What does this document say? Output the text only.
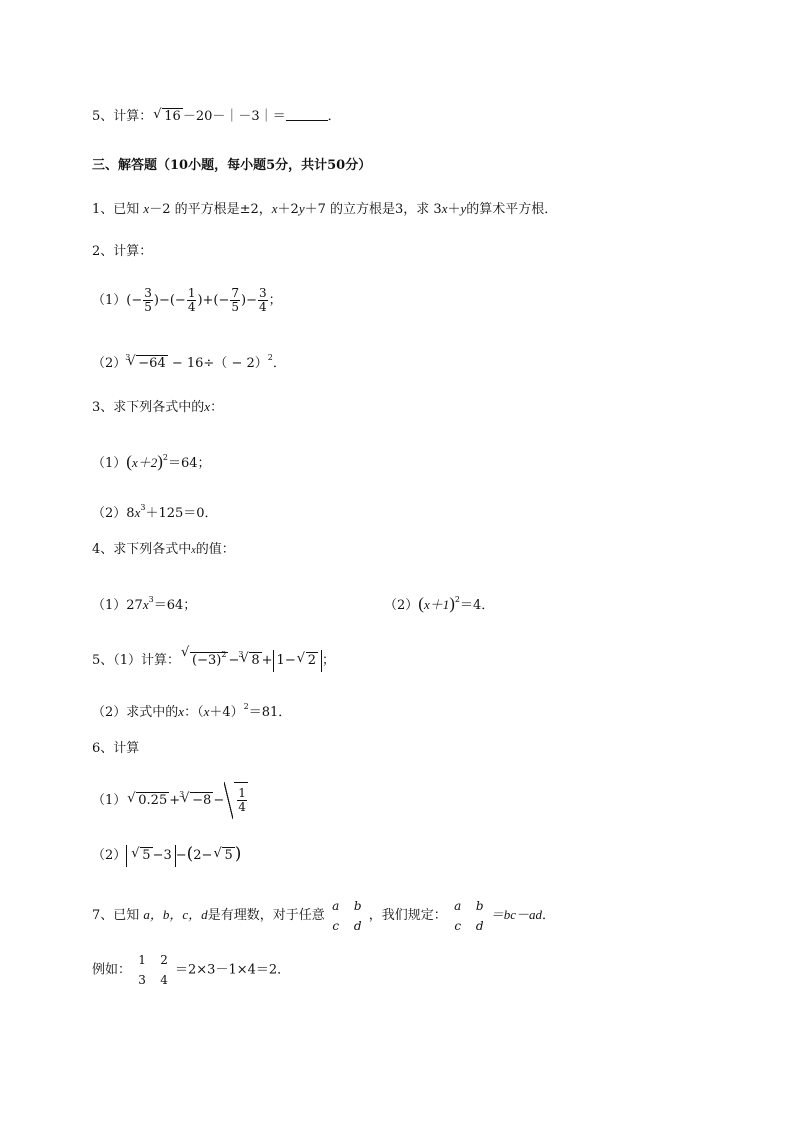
5、计算： √ 16 －20－｜－3｜＝	．
三、解答题（10小题，每小题5分，共计50分）
1、已知 x－2 的平方根是±2，x＋2y＋7 的立方根是3，求 3x＋y的算术平方根．
2、计算：
$(1)(- \frac{3}{5}$ )−(− $\frac{1}{4}$ )+(− $\frac{7}{5}$ )− $\frac{3}{4}$ ；
（2） √ $3 -64 - 16\div( - 2)^2$．
3、求下列各式中的x：
$(1)(x+2)^2=64$；
$(2)8x^3+125=0$．
4、求下列各式中x的值：
$(1)27x^3=64$；	$(2)(x+1)^2=4$．
5、（1）计算： √ $(-3)^2$ − √ 3 8 + 1− √ 2 ；
（2）求式中的x：$(x+4)^2=81$．
6、计算
（1） √ 0.25 + √ $3 -8 - \frac{1}{4}$
（2） √ 5 −3 −(2− √ 5 )
7、已知 a，b，c，d是有理数，对于任意
a b
c d
，我们规定：
a b
c d
＝bc－ad．
例如：
1 2
3 4
＝2×3－1×4＝2．
